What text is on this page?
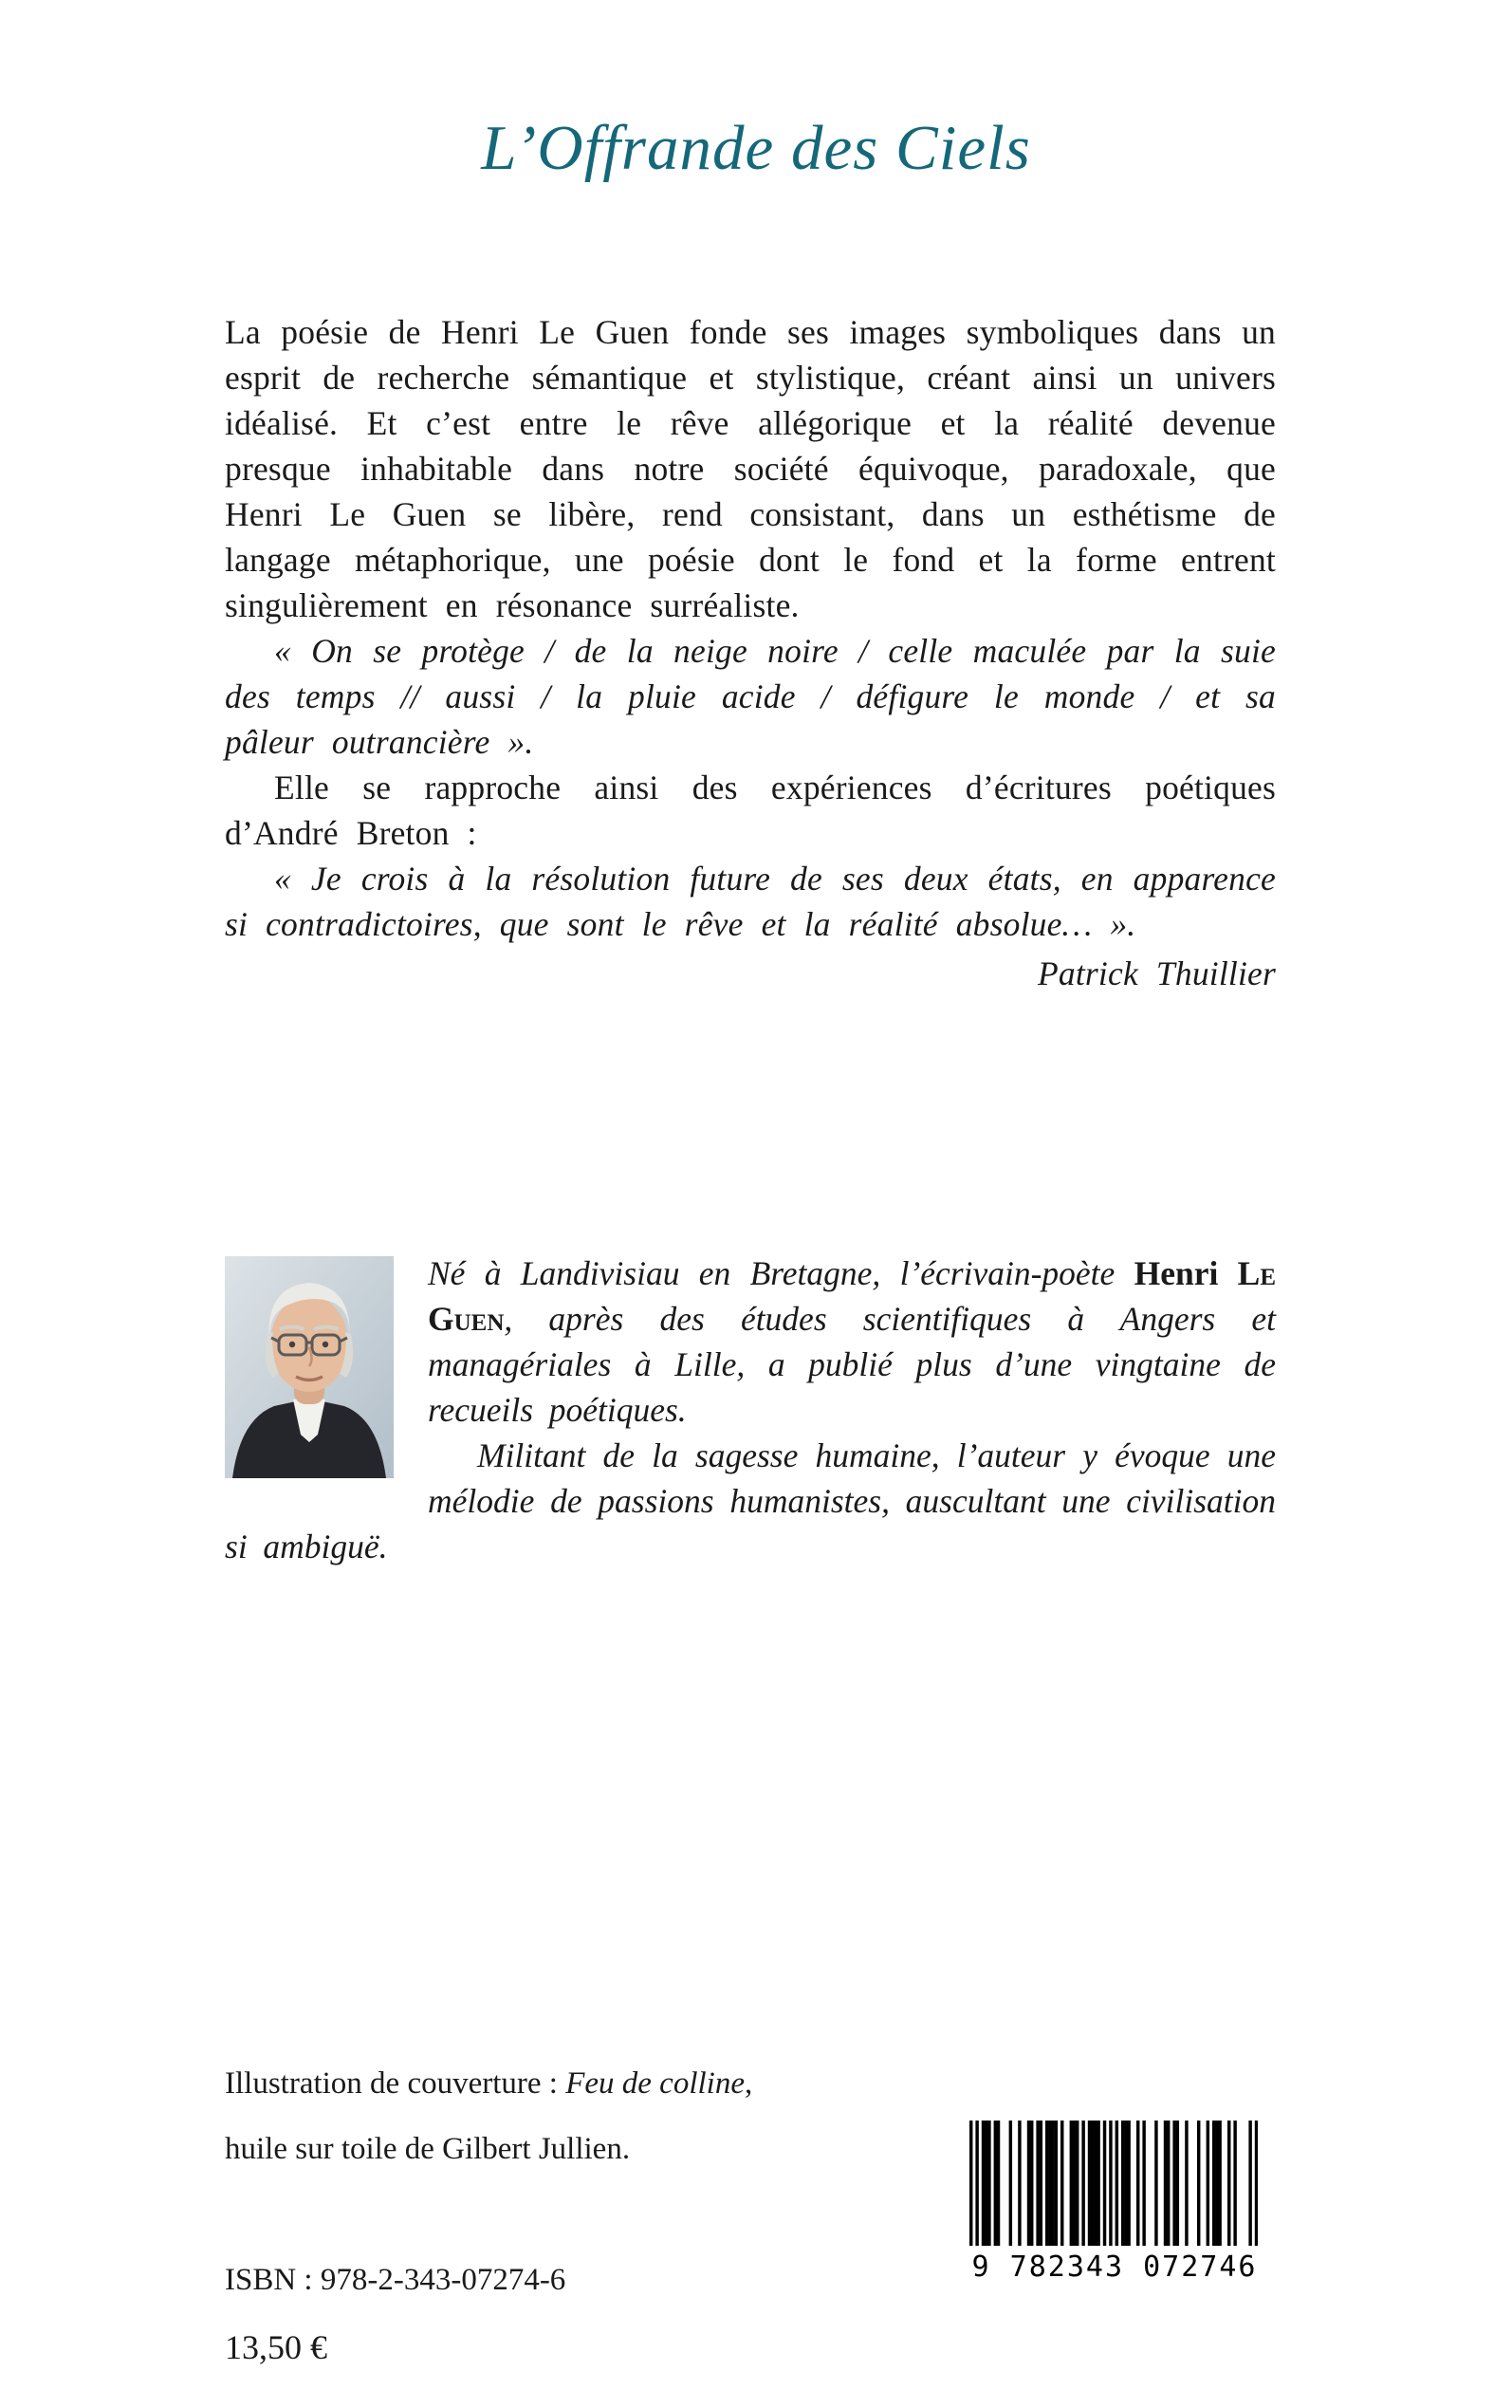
L’Offrande des Ciels

La poésie de Henri Le Guen fonde ses images symboliques dans un esprit de recherche sémantique et stylistique, créant ainsi un univers idéalisé. Et c’est entre le rêve allégorique et la réalité devenue presque inhabitable dans notre société équivoque, paradoxale, que Henri Le Guen se libère, rend consistant, dans un esthétisme de langage métaphorique, une poésie dont le fond et la forme entrent singulièrement en résonance surréaliste.

« On se protège / de la neige noire / celle maculée par la suie des temps // aussi / la pluie acide / défigure le monde / et sa pâleur outrancière ».

Elle se rapproche ainsi des expériences d’écritures poétiques d’André Breton :

« Je crois à la résolution future de ses deux états, en apparence si contradictoires, que sont le rêve et la réalité absolue… ».

Patrick Thuillier

Né à Landivisiau en Bretagne, l’écrivain-poète Henri Le Guen, après des études scientifiques à Angers et managériales à Lille, a publié plus d’une vingtaine de recueils poétiques.

Militant de la sagesse humaine, l’auteur y évoque une mélodie de passions humanistes, auscultant une civilisation si ambiguë.

Illustration de couverture : Feu de colline,
huile sur toile de Gilbert Jullien.
ISBN : 978-2-343-07274-6
13,50 €
9 782343 072746
